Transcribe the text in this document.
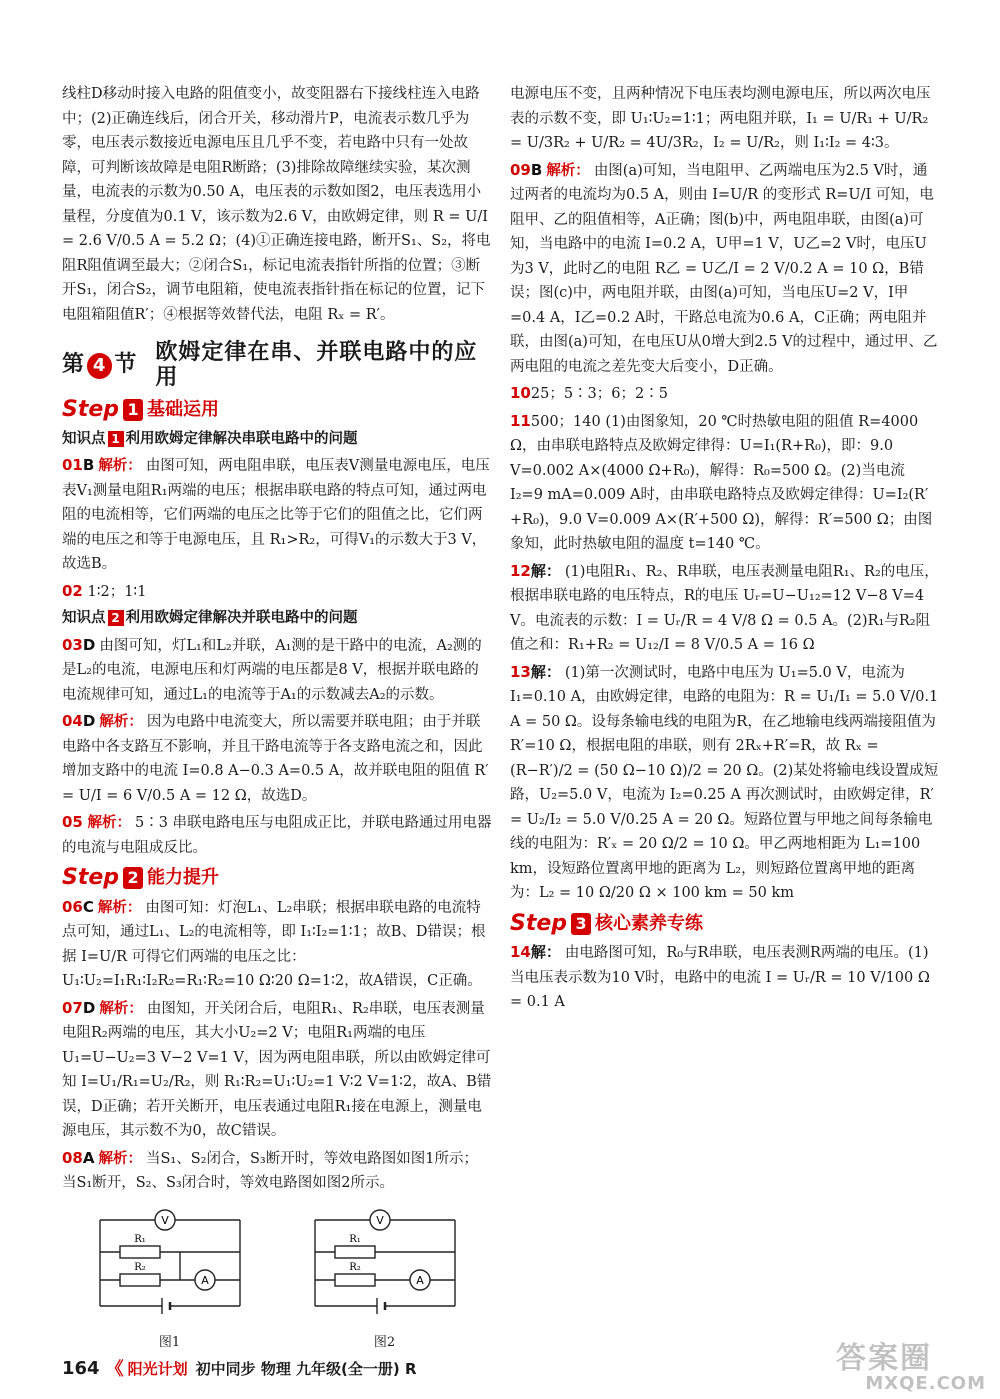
线柱D移动时接入电路的阻值变小，故变阻器右下接线柱连入电路中；(2)正确连线后，闭合开关，移动滑片P，电流表示数几乎为零，电压表示数接近电源电压且几乎不变，若电路中只有一处故障，可判断该故障是电阻R断路；(3)排除故障继续实验，某次测量，电流表的示数为0.50 A，电压表的示数如图2，电压表选用小量程，分度值为0.1 V，该示数为2.6 V，由欧姆定律，则 R = U/I = 2.6 V/0.5 A = 5.2 Ω；(4)①正确连接电路，断开S₁、S₂，将电阻R阻值调至最大；②闭合S₁，标记电流表指针所指的位置；③断开S₁，闭合S₂，调节电阻箱，使电流表指针指在标记的位置，记下电阻箱阻值R′；④根据等效替代法，电阻 Rₓ = R′。

第 4 节 欧姆定律在串、并联电路中的应用
Step 1 基础运用
知识点 1 利用欧姆定律解决串联电路中的问题

01B 解析： 由图可知，两电阻串联，电压表V测量电源电压，电压表V₁测量电阻R₁两端的电压；根据串联电路的特点可知，通过两电阻的电流相等，它们两端的电压之比等于它们的阻值之比，它们两端的电压之和等于电源电压，且 R₁>R₂，可得V₁的示数大于3 V，故选B。

02 1∶2；1∶1

知识点 2 利用欧姆定律解决并联电路中的问题

03D 由图可知，灯L₁和L₂并联，A₁测的是干路中的电流，A₂测的是L₂的电流，电源电压和灯两端的电压都是8 V，根据并联电路的电流规律可知，通过L₁的电流等于A₁的示数减去A₂的示数。

04D 解析： 因为电路中电流变大，所以需要并联电阻；由于并联电路中各支路互不影响，并且干路电流等于各支路电流之和，因此增加支路中的电流 I=0.8 A−0.3 A=0.5 A，故并联电阻的阻值 R′ = U/I = 6 V/0.5 A = 12 Ω，故选D。

05 解析： 5∶3 串联电路电压与电阻成正比，并联电路通过用电器的电流与电阻成反比。

Step 2 能力提升

06C 解析： 由图可知：灯泡L₁、L₂串联；根据串联电路的电流特点可知，通过L₁、L₂的电流相等，即 I₁∶I₂=1∶1；故B、D错误；根据 I=U/R 可得它们两端的电压之比：U₁∶U₂=I₁R₁∶I₂R₂=R₁∶R₂=10 Ω∶20 Ω=1∶2，故A错误，C正确。

07D 解析： 由图知，开关闭合后，电阻R₁、R₂串联，电压表测量电阻R₂两端的电压，其大小U₂=2 V；电阻R₁两端的电压 U₁=U−U₂=3 V−2 V=1 V，因为两电阻串联，所以由欧姆定律可知 I=U₁/R₁=U₂/R₂，则 R₁∶R₂=U₁∶U₂=1 V∶2 V=1∶2，故A、B错误，D正确；若开关断开，电压表通过电阻R₁接在电源上，测量电源电压，其示数不为0，故C错误。

08A 解析： 当S₁、S₂闭合，S₃断开时，等效电路图如图1所示；当S₁断开，S₂、S₃闭合时，等效电路图如图2所示。

V
R₁
R₂
A
图1
V
R₁
R₂
A
图2

电源电压不变，且两种情况下电压表均测电源电压，所以两次电压表的示数不变，即 U₁∶U₂=1∶1；两电阻并联，I₁ = U/R₁ + U/R₂ = U/3R₂ + U/R₂ = 4U/3R₂，I₂ = U/R₂，则 I₁∶I₂ = 4∶3。

09B 解析： 由图(a)可知，当电阻甲、乙两端电压为2.5 V时，通过两者的电流均为0.5 A，则由 I=U/R 的变形式 R=U/I 可知，电阻甲、乙的阻值相等，A正确；图(b)中，两电阻串联，由图(a)可知，当电路中的电流 I=0.2 A，U甲=1 V，U乙=2 V时，电压U为3 V，此时乙的电阻 R乙 = U乙/I = 2 V/0.2 A = 10 Ω，B错误；图(c)中，两电阻并联，由图(a)可知，当电压U=2 V，I甲=0.4 A，I乙=0.2 A时，干路总电流为0.6 A，C正确；两电阻并联，由图(a)可知，在电压U从0增大到2.5 V的过程中，通过甲、乙两电阻的电流之差先变大后变小，D正确。

1025；5∶3；6；2∶5

11500；140 (1)由图象知，20 ℃时热敏电阻的阻值 R=4000 Ω，由串联电路特点及欧姆定律得：U=I₁(R+R₀)，即：9.0 V=0.002 A×(4000 Ω+R₀)，解得：R₀=500 Ω。(2)当电流 I₂=9 mA=0.009 A时，由串联电路特点及欧姆定律得：U=I₂(R′+R₀)，9.0 V=0.009 A×(R′+500 Ω)，解得：R′=500 Ω；由图象知，此时热敏电阻的温度 t=140 ℃。

12解： (1)电阻R₁、R₂、R串联，电压表测量电阻R₁、R₂的电压，根据串联电路的电压特点，R的电压 Uᵣ=U−U₁₂=12 V−8 V=4 V。电流表的示数：I = Uᵣ/R = 4 V/8 Ω = 0.5 A。(2)R₁与R₂阻值之和：R₁+R₂ = U₁₂/I = 8 V/0.5 A = 16 Ω

13解： (1)第一次测试时，电路中电压为 U₁=5.0 V，电流为 I₁=0.10 A，由欧姆定律，电路的电阻为：R = U₁/I₁ = 5.0 V/0.1 A = 50 Ω。设每条输电线的电阻为R，在乙地输电线两端接阻值为 R′=10 Ω，根据电阻的串联，则有 2Rₓ+R′=R，故 Rₓ = (R−R′)/2 = (50 Ω−10 Ω)/2 = 20 Ω。(2)某处将输电线设置成短路，U₂=5.0 V，电流为 I₂=0.25 A 再次测试时，由欧姆定律，R′ = U₂/I₂ = 5.0 V/0.25 A = 20 Ω。短路位置与甲地之间每条输电线的电阻为：R′ₓ = 20 Ω/2 = 10 Ω。甲乙两地相距为 L₁=100 km，设短路位置离甲地的距离为 L₂，则短路位置离甲地的距离为：L₂ = 10 Ω/20 Ω × 100 km = 50 km

Step 3 核心素养专练

14解： 由电路图可知，R₀与R串联，电压表测R两端的电压。(1)当电压表示数为10 V时，电路中的电流 I = Uᵣ/R = 10 V/100 Ω = 0.1 A

164 《 阳光计划 初中同步 物理 九年级(全一册) R	答案圈
MXQE.COM
